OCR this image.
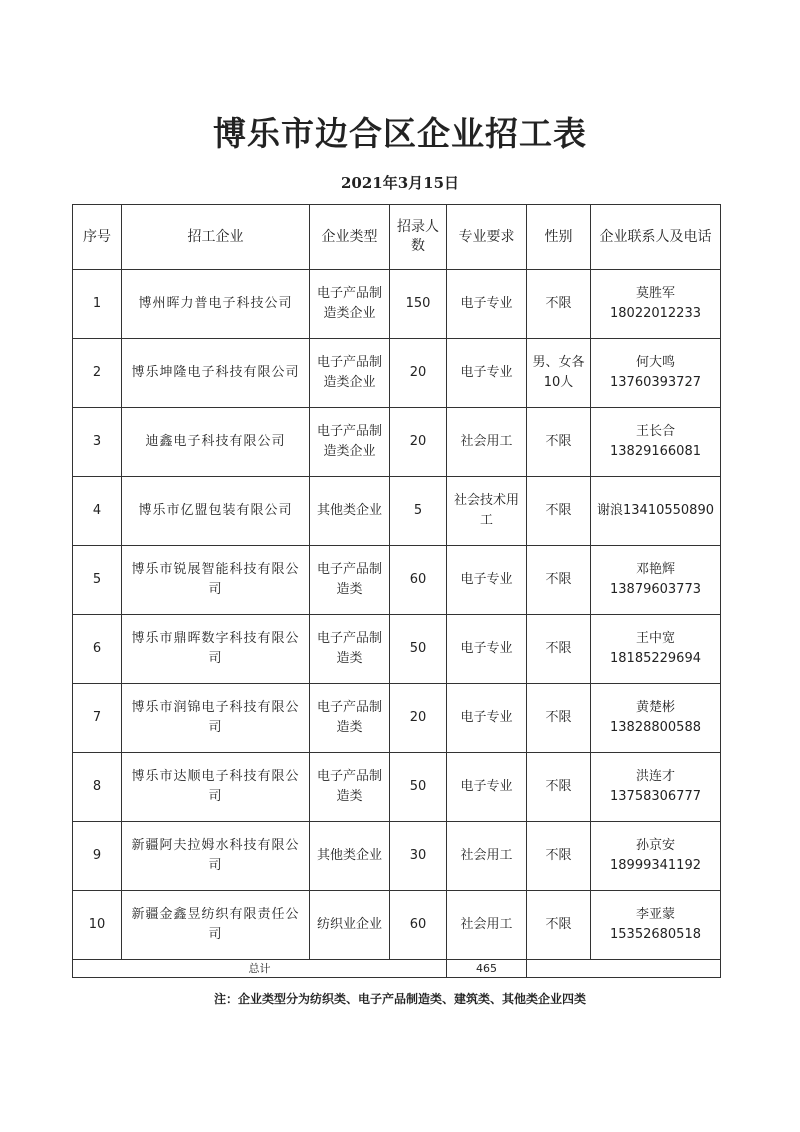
博乐市边合区企业招工表
2021年3月15日
序号	招工企业	企业类型	招录人数	专业要求	性别	企业联系人及电话
1	博州晖力普电子科技公司	电子产品制造类企业	150	电子专业	不限	莫胜军
18022012233

2	博乐坤隆电子科技有限公司	电子产品制造类企业	20	电子专业	男、女各10人	何大鸣
13760393727

3	迪鑫电子科技有限公司	电子产品制造类企业	20	社会用工	不限	王长合
13829166081

4	博乐市亿盟包装有限公司	其他类企业	5	社会技术用工	不限	谢浪13410550890

5	博乐市锐展智能科技有限公司	电子产品制造类	60	电子专业	不限	邓艳辉
13879603773

6	博乐市鼎晖数字科技有限公司	电子产品制造类	50	电子专业	不限	王中宽
18185229694

7	博乐市润锦电子科技有限公司	电子产品制造类	20	电子专业	不限	黄楚彬
13828800588

8	博乐市达顺电子科技有限公司	电子产品制造类	50	电子专业	不限	洪连才
13758306777

9	新疆阿夫拉姆水科技有限公司	其他类企业	30	社会用工	不限	孙京安
18999341192

10	新疆金鑫昱纺织有限责任公司	纺织业企业	60	社会用工	不限	李亚蒙
15352680518

总计				465		
注：企业类型分为纺织类、电子产品制造类、建筑类、其他类企业四类
